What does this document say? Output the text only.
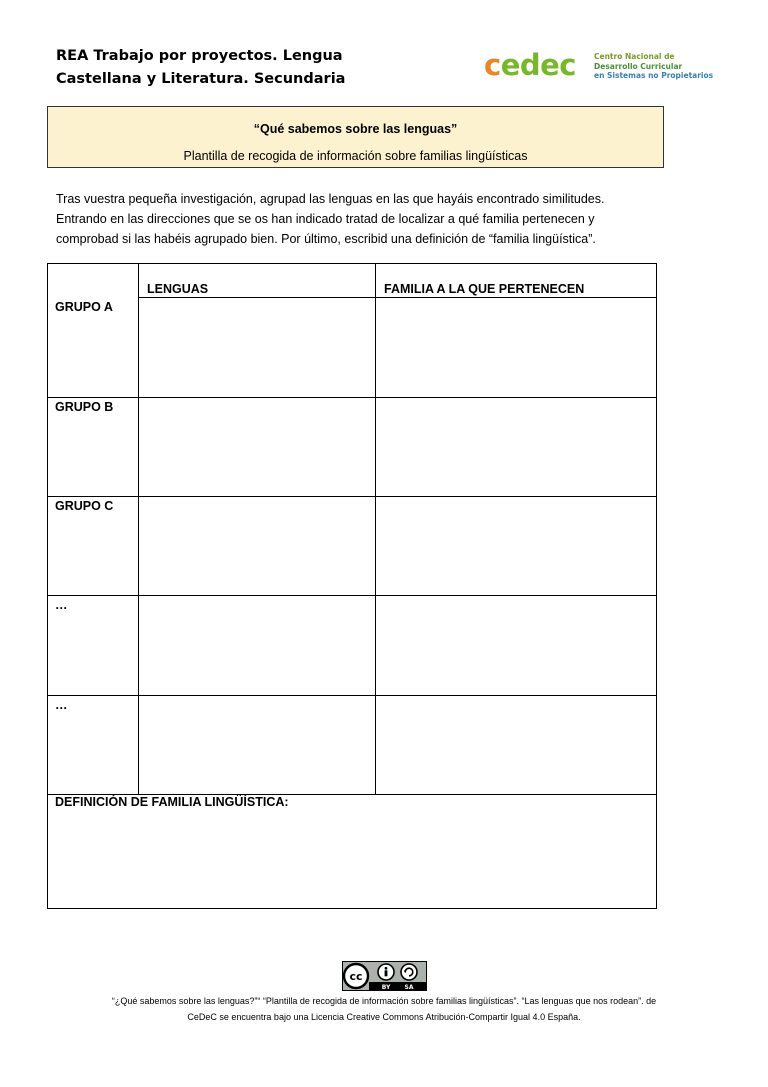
REA Trabajo por proyectos. Lengua
Castellana y Literatura. Secundaria	cedec Centro Nacional de
Desarrollo Curricular
en Sistemas no Propietarios
“Qué sabemos sobre las lenguas”
Plantilla de recogida de información sobre familias lingüísticas

Tras vuestra pequeña investigación, agrupad las lenguas en las que hayáis encontrado similitudes.

Entrando en las direcciones que se os han indicado tratad de localizar a qué familia pertenecen y

comprobad si las habéis agrupado bien. Por último, escribid una definición de “familia lingüística”.

LENGUAS	FAMILIA A LA QUE PERTENECEN
GRUPO A
GRUPO B
GRUPO C
…
…
DEFINICIÓN DE FAMILIA LINGÜÍSTICA:
cc
BY SA

“¿Qué sabemos sobre las lenguas?”“ “Plantilla de recogida de información sobre familias lingüísticas”. “Las lenguas que nos rodean”. de

CeDeC se encuentra bajo una Licencia Creative Commons Atribución-Compartir Igual 4.0 España.
